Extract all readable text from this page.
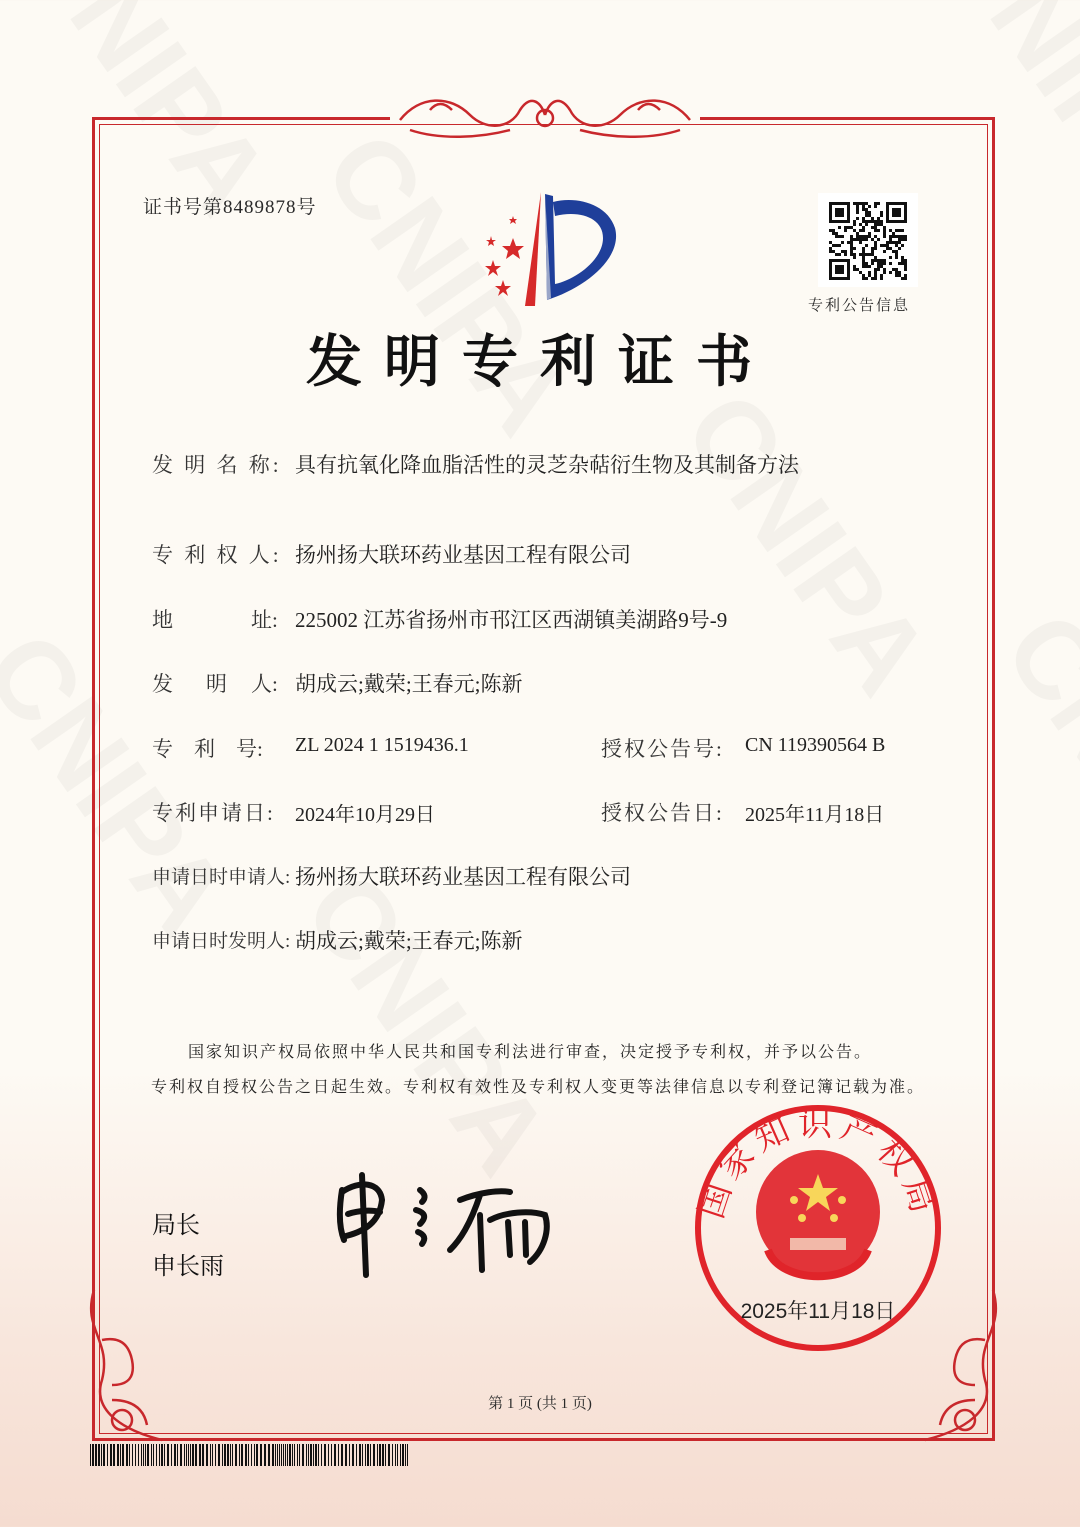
证书号第8489878号
专利公告信息
发明专利证书
发 明 名 称: 具有抗氧化降血脂活性的灵芝杂萜衍生物及其制备方法
专 利 权 人: 扬州扬大联环药业基因工程有限公司
地	址: 225002 江苏省扬州市邗江区西湖镇美湖路9号-9
发　明 人: 胡成云;戴荣;王春元;陈新
专　利　号: ZL 2024 1 1519436.1	授权公告号: CN 119390564 B
专利申请日: 2024年10月29日	授权公告日: 2025年11月18日
申请日时申请人: 扬州扬大联环药业基因工程有限公司
申请日时发明人: 胡成云;戴荣;王春元;陈新
国家知识产权局依照中华人民共和国专利法进行审查，决定授予专利权，并予以公告。
专利权自授权公告之日起生效。专利权有效性及专利权人变更等法律信息以专利登记簿记载为准。
局长
申长雨
国家知识产权局
2025年11月18日
第 1 页 (共 1 页)
